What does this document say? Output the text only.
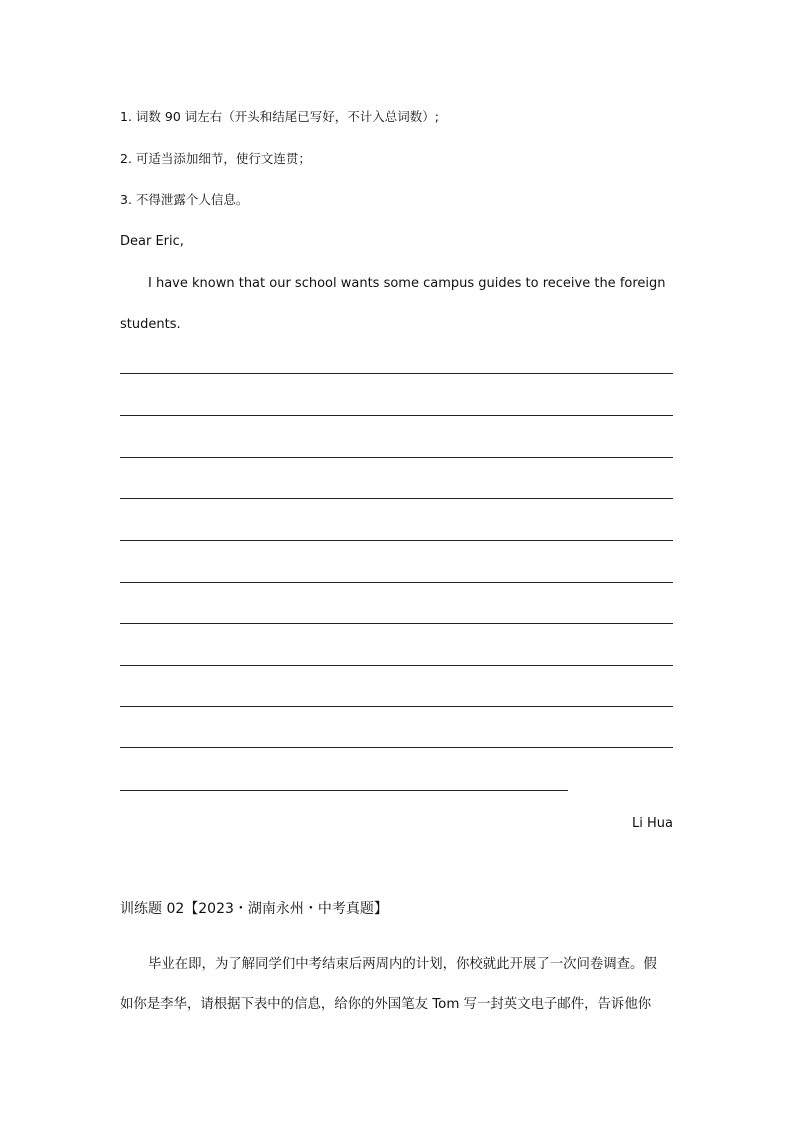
1. 词数 90 词左右（开头和结尾已写好，不计入总词数）;
2. 可适当添加细节，使行文连贯；
3. 不得泄露个人信息。
Dear Eric,
I have known that our school wants some campus guides to receive the foreign
students.
Li Hua
训练题 02【2023・湖南永州・中考真题】
毕业在即，为了解同学们中考结束后两周内的计划，你校就此开展了一次问卷调查。假
如你是李华，请根据下表中的信息，给你的外国笔友 Tom 写一封英文电子邮件，告诉他你
